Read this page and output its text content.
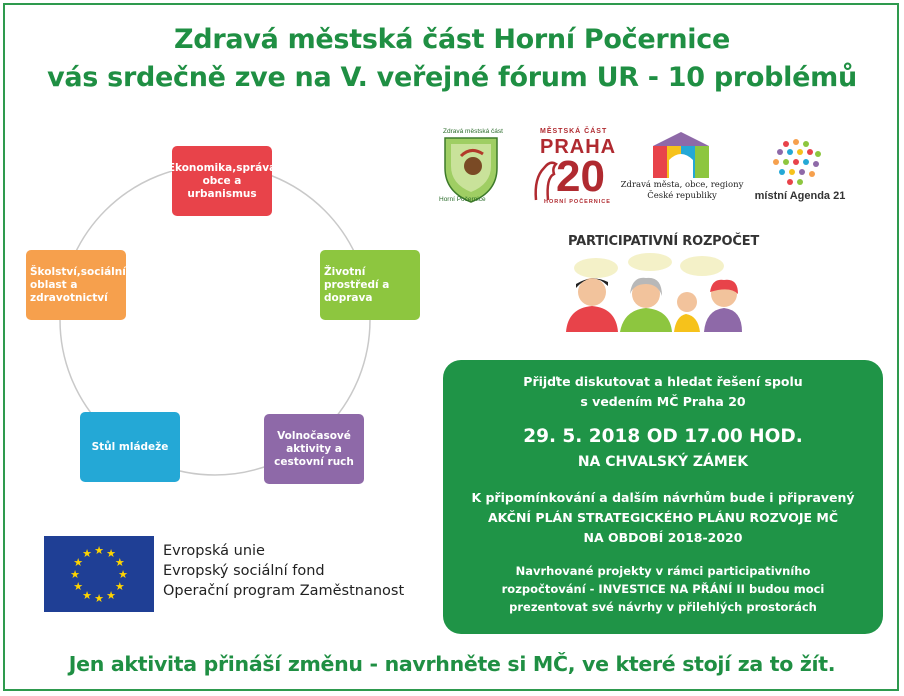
Zdravá městská část Horní Počernice
vás srdečně zve na V. veřejné fórum UR - 10 problémů
Ekonomika,správa obce a urbanismus
Životní prostředí a doprava
Volnočasové aktivity a cestovní ruch
Stůl mládeže
Školství,sociální oblast a zdravotnictví
Zdravá městská část
Horní Počernice
MĚSTSKÁ ČÁST
PRAHA
20
HORNÍ POČERNICE
Zdravá města, obce, regiony
České republiky	místní Agenda 21
PARTICIPATIVNÍ ROZPOČET
Přijďte diskutovat a hledat řešení spolu
s vedením MČ Praha 20
29. 5. 2018 OD 17.00 HOD.
NA CHVALSKÝ ZÁMEK
K připomínkování a dalším návrhům bude i připravený
AKČNÍ PLÁN STRATEGICKÉHO PLÁNU ROZVOJE MČ
NA OBDOBÍ 2018-2020
Navrhované projekty v rámci participativního
rozpočtování - INVESTICE NA PŘÁNÍ II budou moci
prezentovat své návrhy v přilehlých prostorách
★ ★
★
★
★
★
★
★
★
★
★
★	Evropská unie
Evropský sociální fond
Operační program Zaměstnanost
Jen aktivita přináší změnu - navrhněte si MČ, ve které stojí za to žít.
